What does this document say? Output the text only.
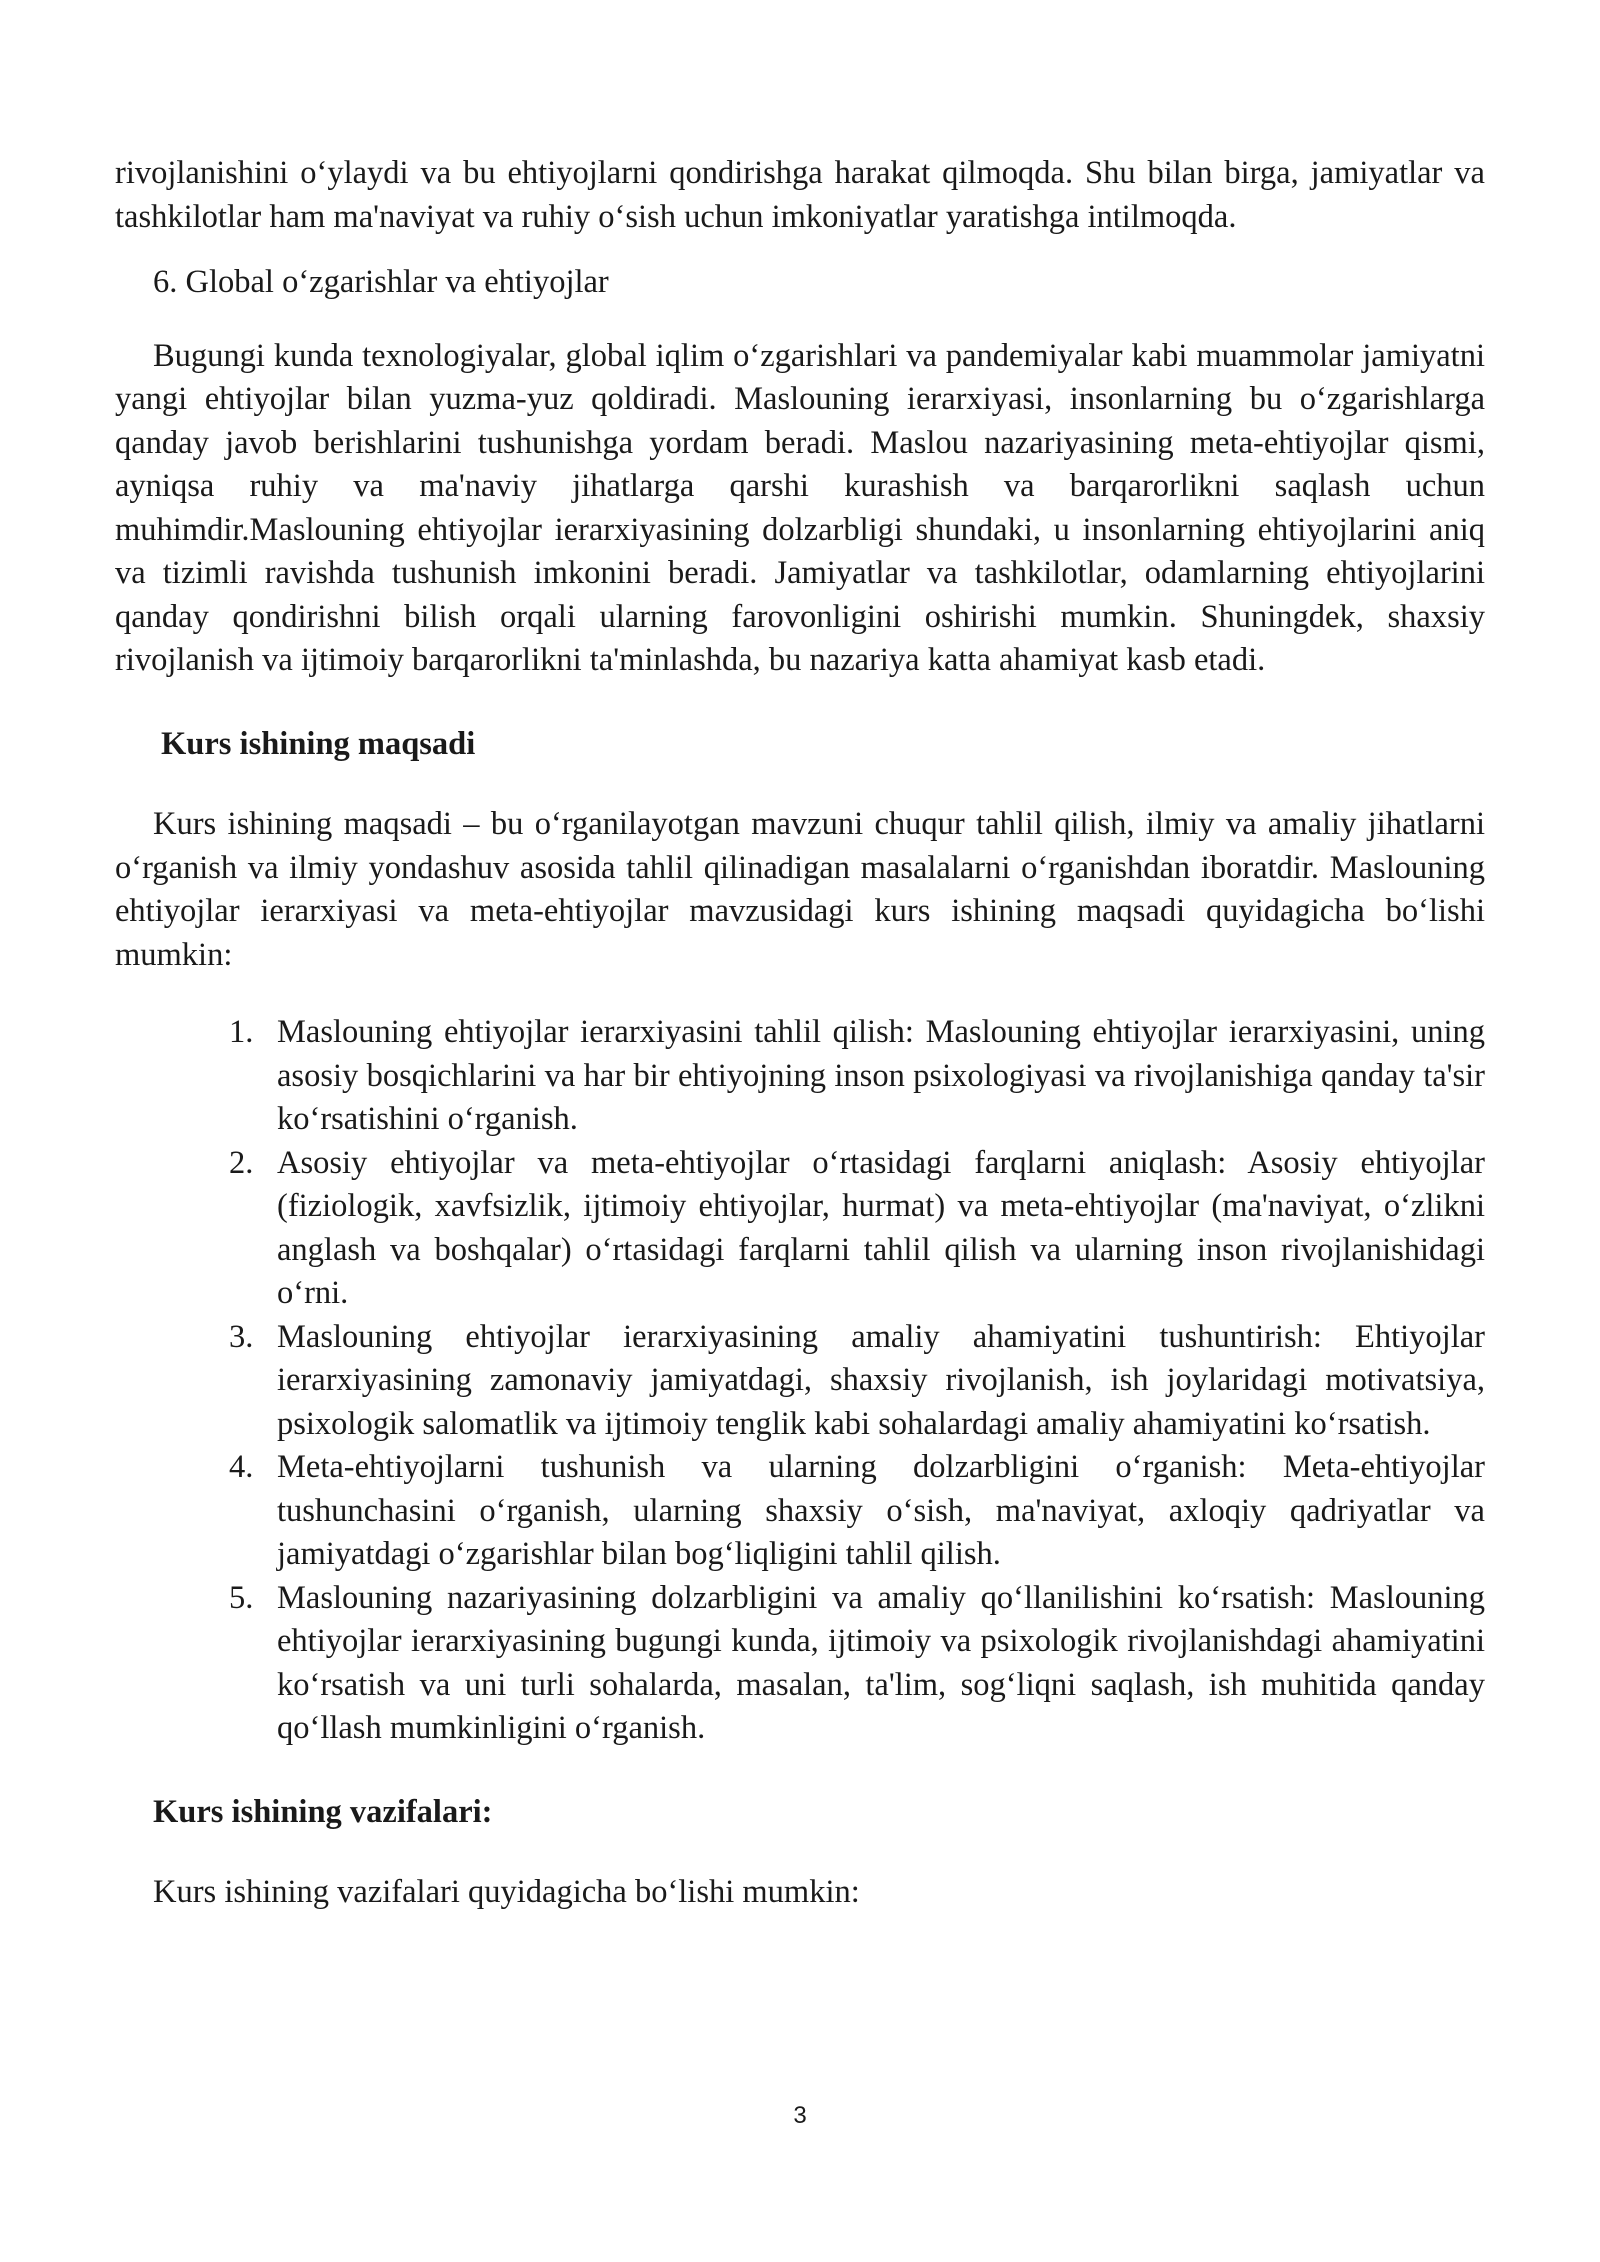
rivojlanishini o‘ylaydi va bu ehtiyojlarni qondirishga harakat qilmoqda. Shu bilan birga, jamiyatlar va tashkilotlar ham ma'naviyat va ruhiy o‘sish uchun imkoniyatlar yaratishga intilmoqda.

6. Global o‘zgarishlar va ehtiyojlar

Bugungi kunda texnologiyalar, global iqlim o‘zgarishlari va pandemiyalar kabi muammolar jamiyatni yangi ehtiyojlar bilan yuzma-yuz qoldiradi. Maslouning ierarxiyasi, insonlarning bu o‘zgarishlarga qanday javob berishlarini tushunishga yordam beradi. Maslou nazariyasining meta-ehtiyojlar qismi, ayniqsa ruhiy va ma'naviy jihatlarga qarshi kurashish va barqarorlikni saqlash uchun muhimdir.Maslouning ehtiyojlar ierarxiyasining dolzarbligi shundaki, u insonlarning ehtiyojlarini aniq va tizimli ravishda tushunish imkonini beradi. Jamiyatlar va tashkilotlar, odamlarning ehtiyojlarini qanday qondirishni bilish orqali ularning farovonligini oshirishi mumkin. Shuningdek, shaxsiy rivojlanish va ijtimoiy barqarorlikni ta'minlashda, bu nazariya katta ahamiyat kasb etadi.

Kurs ishining maqsadi

Kurs ishining maqsadi – bu o‘rganilayotgan mavzuni chuqur tahlil qilish, ilmiy va amaliy jihatlarni o‘rganish va ilmiy yondashuv asosida tahlil qilinadigan masalalarni o‘rganishdan iboratdir. Maslouning ehtiyojlar ierarxiyasi va meta-ehtiyojlar mavzusidagi kurs ishining maqsadi quyidagicha bo‘lishi mumkin:

1. Maslouning ehtiyojlar ierarxiyasini tahlil qilish: Maslouning ehtiyojlar ierarxiyasini, uning asosiy bosqichlarini va har bir ehtiyojning inson psixologiyasi va rivojlanishiga qanday ta'sir ko‘rsatishini o‘rganish.
2. Asosiy ehtiyojlar va meta-ehtiyojlar o‘rtasidagi farqlarni aniqlash: Asosiy ehtiyojlar (fiziologik, xavfsizlik, ijtimoiy ehtiyojlar, hurmat) va meta-ehtiyojlar (ma'naviyat, o‘zlikni anglash va boshqalar) o‘rtasidagi farqlarni tahlil qilish va ularning inson rivojlanishidagi o‘rni.
3. Maslouning ehtiyojlar ierarxiyasining amaliy ahamiyatini tushuntirish: Ehtiyojlar ierarxiyasining zamonaviy jamiyatdagi, shaxsiy rivojlanish, ish joylaridagi motivatsiya, psixologik salomatlik va ijtimoiy tenglik kabi sohalardagi amaliy ahamiyatini ko‘rsatish.
4. Meta-ehtiyojlarni tushunish va ularning dolzarbligini o‘rganish: Meta-ehtiyojlar tushunchasini o‘rganish, ularning shaxsiy o‘sish, ma'naviyat, axloqiy qadriyatlar va jamiyatdagi o‘zgarishlar bilan bog‘liqligini tahlil qilish.
5. Maslouning nazariyasining dolzarbligini va amaliy qo‘llanilishini ko‘rsatish: Maslouning ehtiyojlar ierarxiyasining bugungi kunda, ijtimoiy va psixologik rivojlanishdagi ahamiyatini ko‘rsatish va uni turli sohalarda, masalan, ta'lim, sog‘liqni saqlash, ish muhitida qanday qo‘llash mumkinligini o‘rganish.

Kurs ishining vazifalari:

Kurs ishining vazifalari quyidagicha bo‘lishi mumkin:

3
